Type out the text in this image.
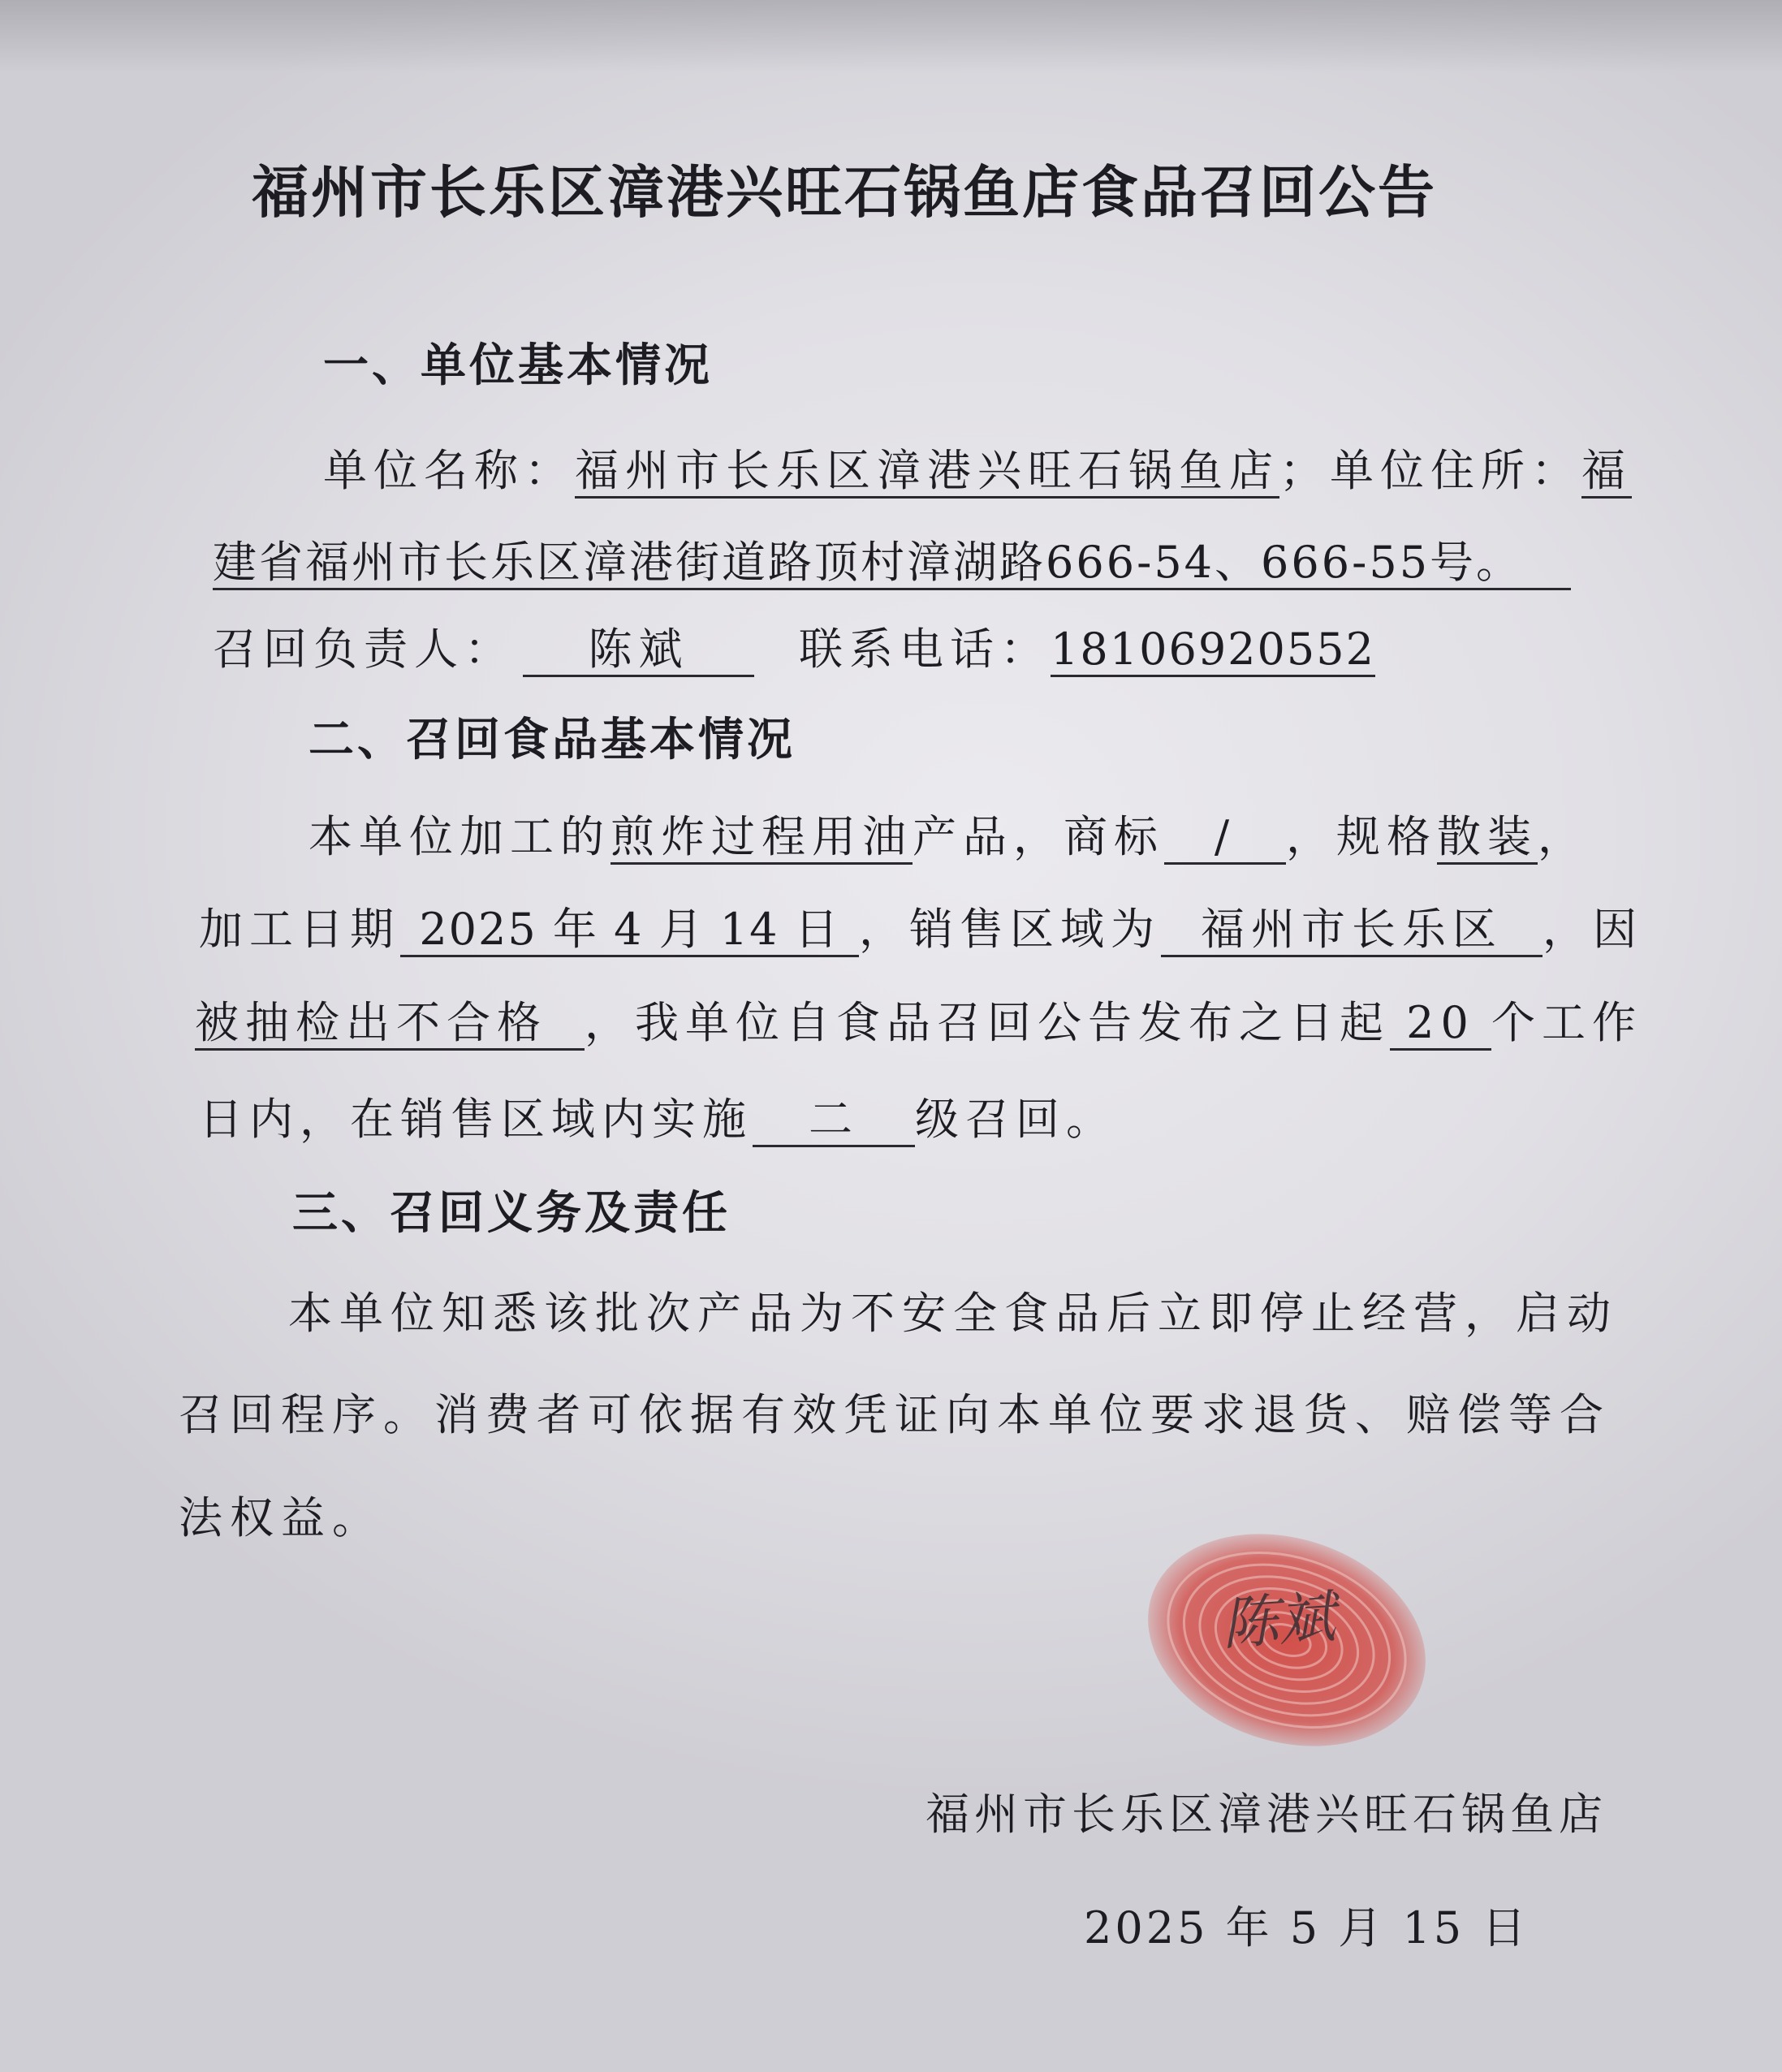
福州市长乐区漳港兴旺石锅鱼店食品召回公告
一、单位基本情况
单位名称：福州市长乐区漳港兴旺石锅鱼店；单位住所：福
建省福州市长乐区漳港街道路顶村漳湖路666-54、666-55号。
召回负责人： 陈斌	联系电话：18106920552
二、召回食品基本情况
本单位加工的煎炸过程用油产品，商标 / ，规格散装，
加工日期 2025 年 4 月 14 日 ，销售区域为 福州市长乐区 ，因
被抽检出不合格 ，我单位自食品召回公告发布之日起 20 个工作
日内，在销售区域内实施 二 级召回。
三、召回义务及责任
本单位知悉该批次产品为不安全食品后立即停止经营，启动
召回程序。消费者可依据有效凭证向本单位要求退货、赔偿等合
法权益。
陈斌
福州市长乐区漳港兴旺石锅鱼店
2025 年 5 月 15 日
